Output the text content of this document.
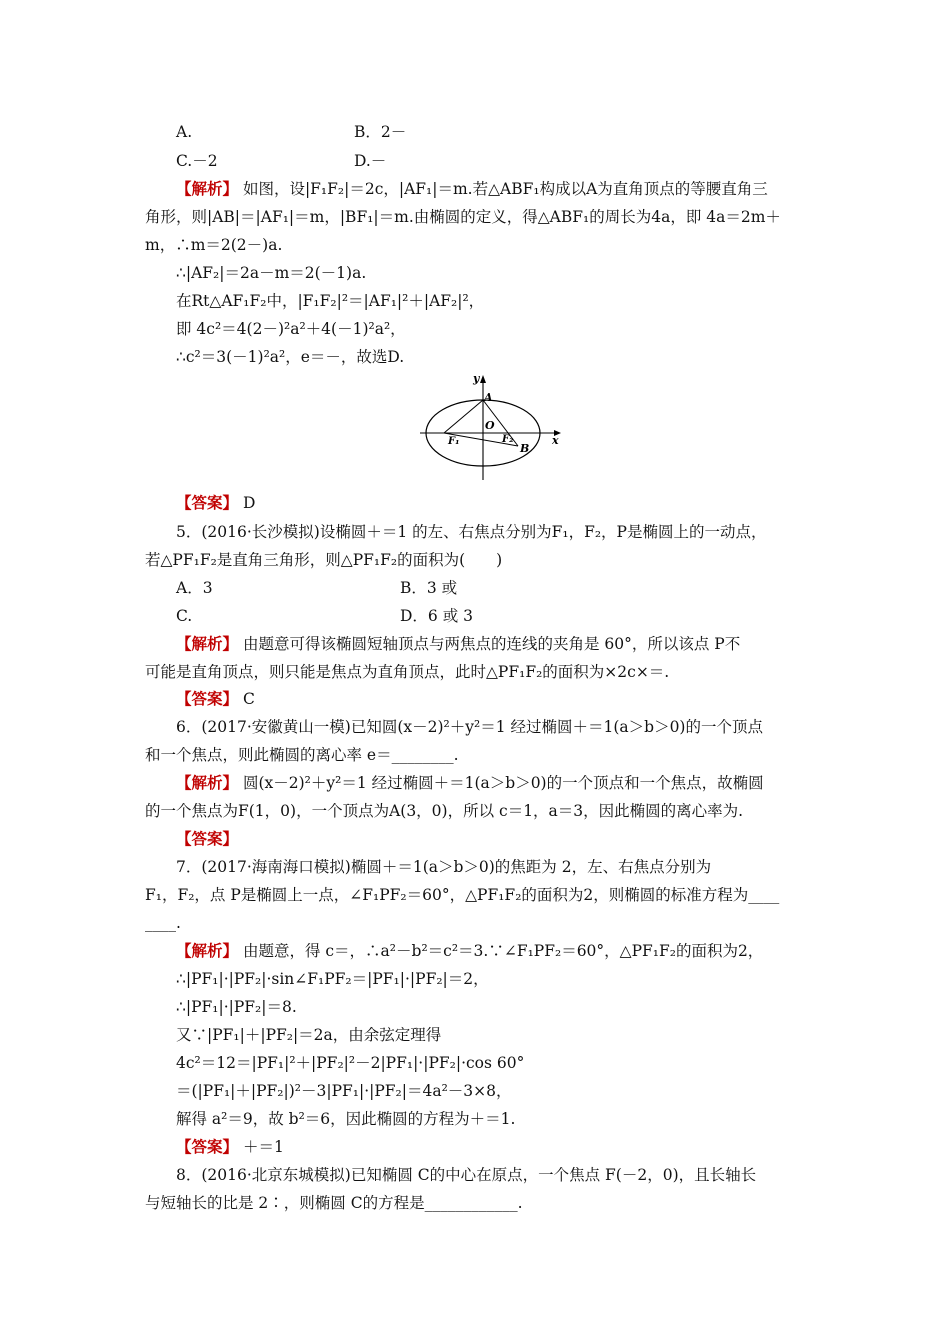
A.	B．2－
C.－2	D.－
【解析】 如图，设|F₁F₂|＝2c，|AF₁|＝m.若△ABF₁构成以A为直角顶点的等腰直角三
角形，则|AB|＝|AF₁|＝m，|BF₁|＝m.由椭圆的定义，得△ABF₁的周长为4a，即 4a＝2m＋
m，∴m＝2(2－)a.
∴|AF₂|＝2a－m＝2(－1)a.
在Rt△AF₁F₂中，|F₁F₂|²＝|AF₁|²＋|AF₂|²，
即 4c²＝4(2－)²a²＋4(－1)²a²，
∴c²＝3(－1)²a²，e＝－，故选D.
y
x
A
O
F₁	F₂
B
【答案】 D
5．(2016·长沙模拟)设椭圆＋＝1 的左、右焦点分别为F₁，F₂，P是椭圆上的一动点，
若△PF₁F₂是直角三角形，则△PF₁F₂的面积为(　　)
A．3	B．3 或
C.	D．6 或 3
【解析】 由题意可得该椭圆短轴顶点与两焦点的连线的夹角是 60°，所以该点 P不
可能是直角顶点，则只能是焦点为直角顶点，此时△PF₁F₂的面积为×2c×＝.
【答案】 C
6．(2017·安徽黄山一模)已知圆(x－2)²＋y²＝1 经过椭圆＋＝1(a＞b＞0)的一个顶点
和一个焦点，则此椭圆的离心率 e＝________.
【解析】 圆(x－2)²＋y²＝1 经过椭圆＋＝1(a＞b＞0)的一个顶点和一个焦点，故椭圆
的一个焦点为F(1，0)，一个顶点为A(3，0)，所以 c＝1，a＝3，因此椭圆的离心率为.
【答案】
7．(2017·海南海口模拟)椭圆＋＝1(a＞b＞0)的焦距为 2，左、右焦点分别为
F₁，F₂，点 P是椭圆上一点，∠F₁PF₂＝60°，△PF₁F₂的面积为2，则椭圆的标准方程为____
____.
【解析】 由题意，得 c＝，∴a²－b²＝c²＝3.∵∠F₁PF₂＝60°，△PF₁F₂的面积为2，
∴|PF₁|·|PF₂|·sin∠F₁PF₂＝|PF₁|·|PF₂|＝2，
∴|PF₁|·|PF₂|＝8.
又∵|PF₁|＋|PF₂|＝2a，由余弦定理得
4c²＝12＝|PF₁|²＋|PF₂|²－2|PF₁|·|PF₂|·cos 60°
＝(|PF₁|＋|PF₂|)²－3|PF₁|·|PF₂|＝4a²－3×8，
解得 a²＝9，故 b²＝6，因此椭圆的方程为＋＝1.
【答案】 ＋＝1
8．(2016·北京东城模拟)已知椭圆 C的中心在原点，一个焦点 F(－2，0)，且长轴长
与短轴长的比是 2∶，则椭圆 C的方程是____________.
